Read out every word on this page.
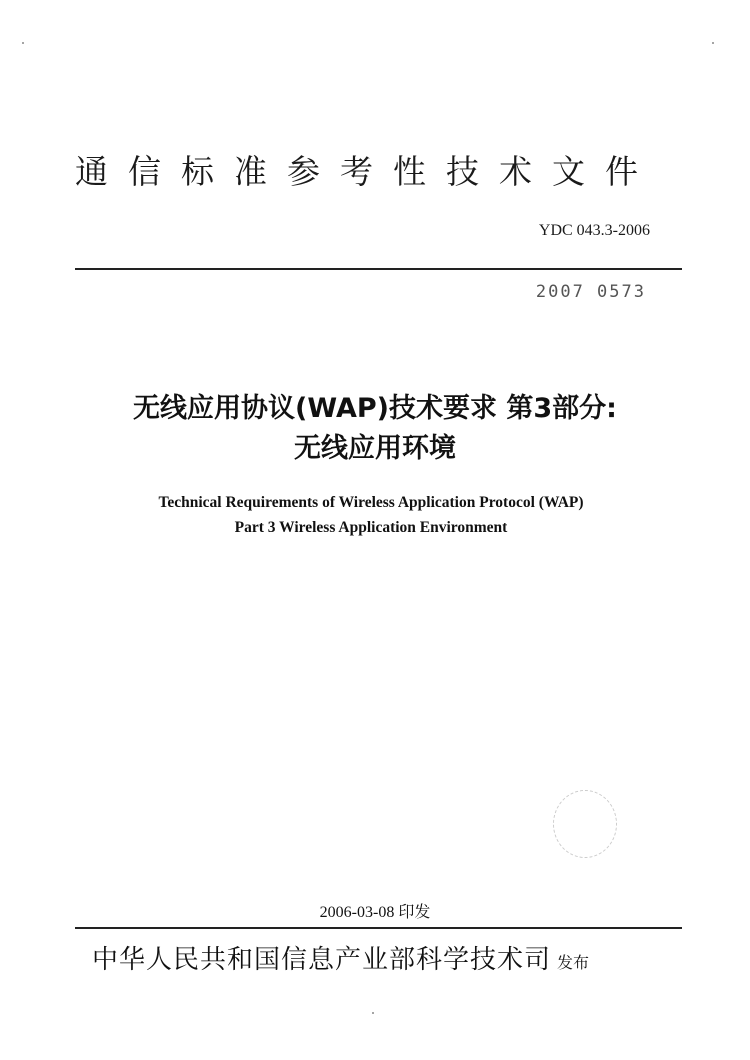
通信标准参考性技术文件
YDC 043.3-2006
2007 0573
无线应用协议(WAP)技术要求 第3部分:
无线应用环境
Technical Requirements of Wireless Application Protocol (WAP)
Part 3 Wireless Application Environment
2006-03-08 印发
中华人民共和国信息产业部科学技术司 发布
